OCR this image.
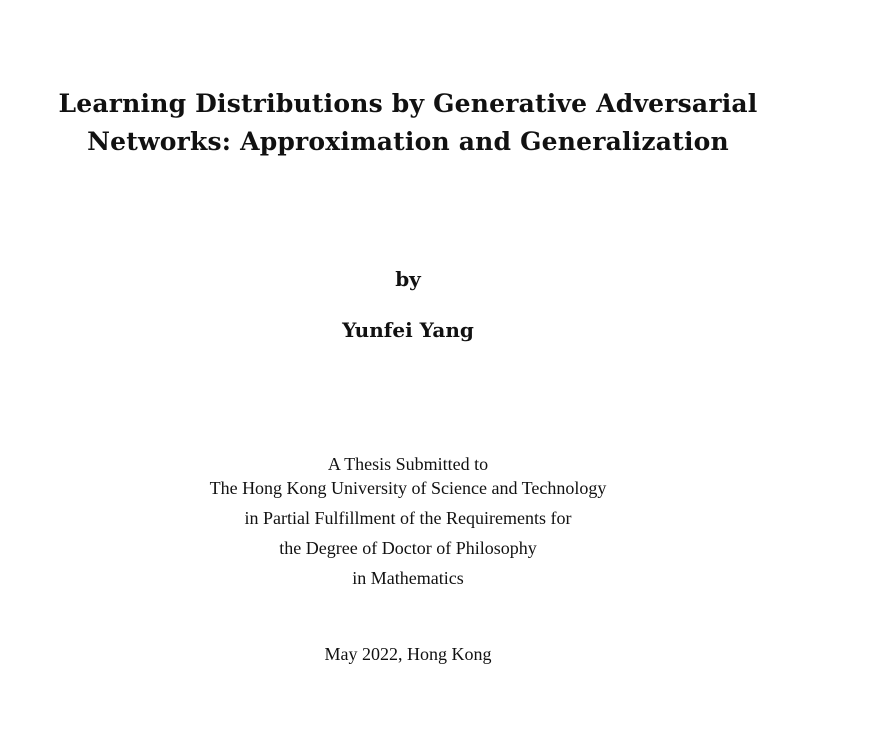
Learning Distributions by Generative Adversarial
Networks: Approximation and Generalization
by
Yunfei Yang
A Thesis Submitted to
The Hong Kong University of Science and Technology
in Partial Fulfillment of the Requirements for
the Degree of Doctor of Philosophy
in Mathematics
May 2022, Hong Kong
